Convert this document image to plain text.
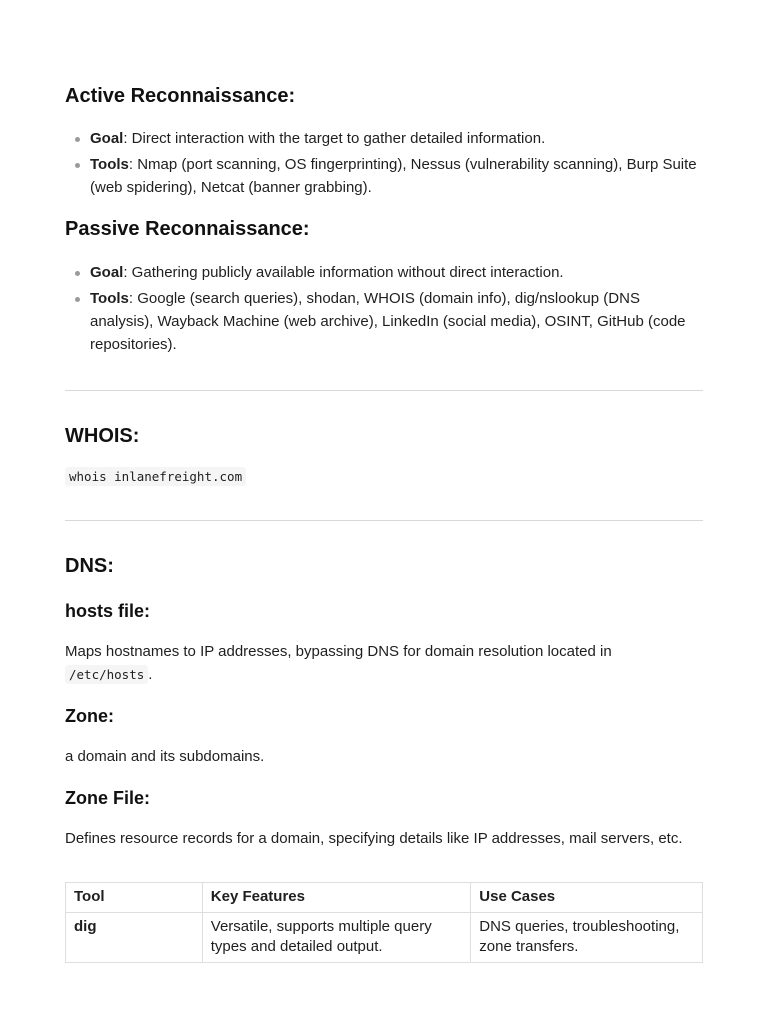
Active Reconnaissance:
Goal: Direct interaction with the target to gather detailed information.
Tools: Nmap (port scanning, OS fingerprinting), Nessus (vulnerability scanning), Burp Suite (web spidering), Netcat (banner grabbing).
Passive Reconnaissance:
Goal: Gathering publicly available information without direct interaction.
Tools: Google (search queries), shodan, WHOIS (domain info), dig/nslookup (DNS analysis), Wayback Machine (web archive), LinkedIn (social media), OSINT, GitHub (code repositories).
WHOIS:

whois inlanefreight.com

DNS:
hosts file:

Maps hostnames to IP addresses, bypassing DNS for domain resolution located in /etc/hosts .

Zone:

a domain and its subdomains.

Zone File:

Defines resource records for a domain, specifying details like IP addresses, mail servers, etc.

Tool	Key Features	Use Cases
dig	Versatile, supports multiple query types and detailed output.	DNS queries, troubleshooting, zone transfers.
